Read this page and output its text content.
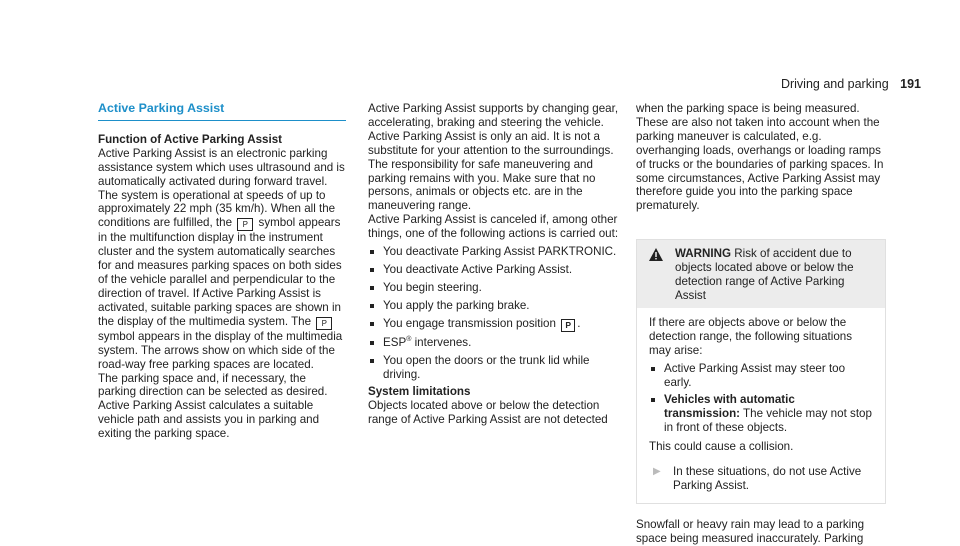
Driving and parking 191
Active Parking Assist

Function of Active Parking Assist

Active Parking Assist is an electronic parking assistance system which uses ultrasound and is automatically activated during forward travel. The system is operational at speeds of up to approximately 22 mph (35 km/h). When all the conditions are fulfilled, the P symbol appears in the multifunction display in the instrument cluster and the system automatically searches for and measures parking spaces on both sides of the vehicle parallel and perpendicular to the direction of travel. If Active Parking Assist is activated, suitable parking spaces are shown in the display of the multimedia system. The P symbol appears in the display of the multimedia system. The arrows show on which side of the road-way free parking spaces are located.

The parking space and, if necessary, the parking direction can be selected as desired. Active Parking Assist calculates a suitable vehicle path and assists you in parking and exiting the parking space.

Active Parking Assist supports by changing gear, accelerating, braking and steering the vehicle.

Active Parking Assist is only an aid. It is not a substitute for your attention to the surroundings. The responsibility for safe maneuvering and parking remains with you. Make sure that no persons, animals or objects etc. are in the maneuvering range.

Active Parking Assist is canceled if, among other things, one of the following actions is carried out:

You deactivate Parking Assist PARKTRONIC.
You deactivate Active Parking Assist.
You begin steering.
You apply the parking brake.
You engage transmission position P .
ESP® intervenes.
You open the doors or the trunk lid while driving.

System limitations

Objects located above or below the detection range of Active Parking Assist are not detected

when the parking space is being measured. These are also not taken into account when the parking maneuver is calculated, e.g. overhanging loads, overhangs or loading ramps of trucks or the boundaries of parking spaces. In some circumstances, Active Parking Assist may therefore guide you into the parking space prematurely.

WARNING Risk of accident due to objects located above or below the detection range of Active Parking Assist

If there are objects above or below the detection range, the following situations may arise:

Active Parking Assist may steer too early.
Vehicles with automatic transmission: The vehicle may not stop in front of these objects.

This could cause a collision.

▶	In these situations, do not use Active Parking Assist.

Snowfall or heavy rain may lead to a parking space being measured inaccurately. Parking
